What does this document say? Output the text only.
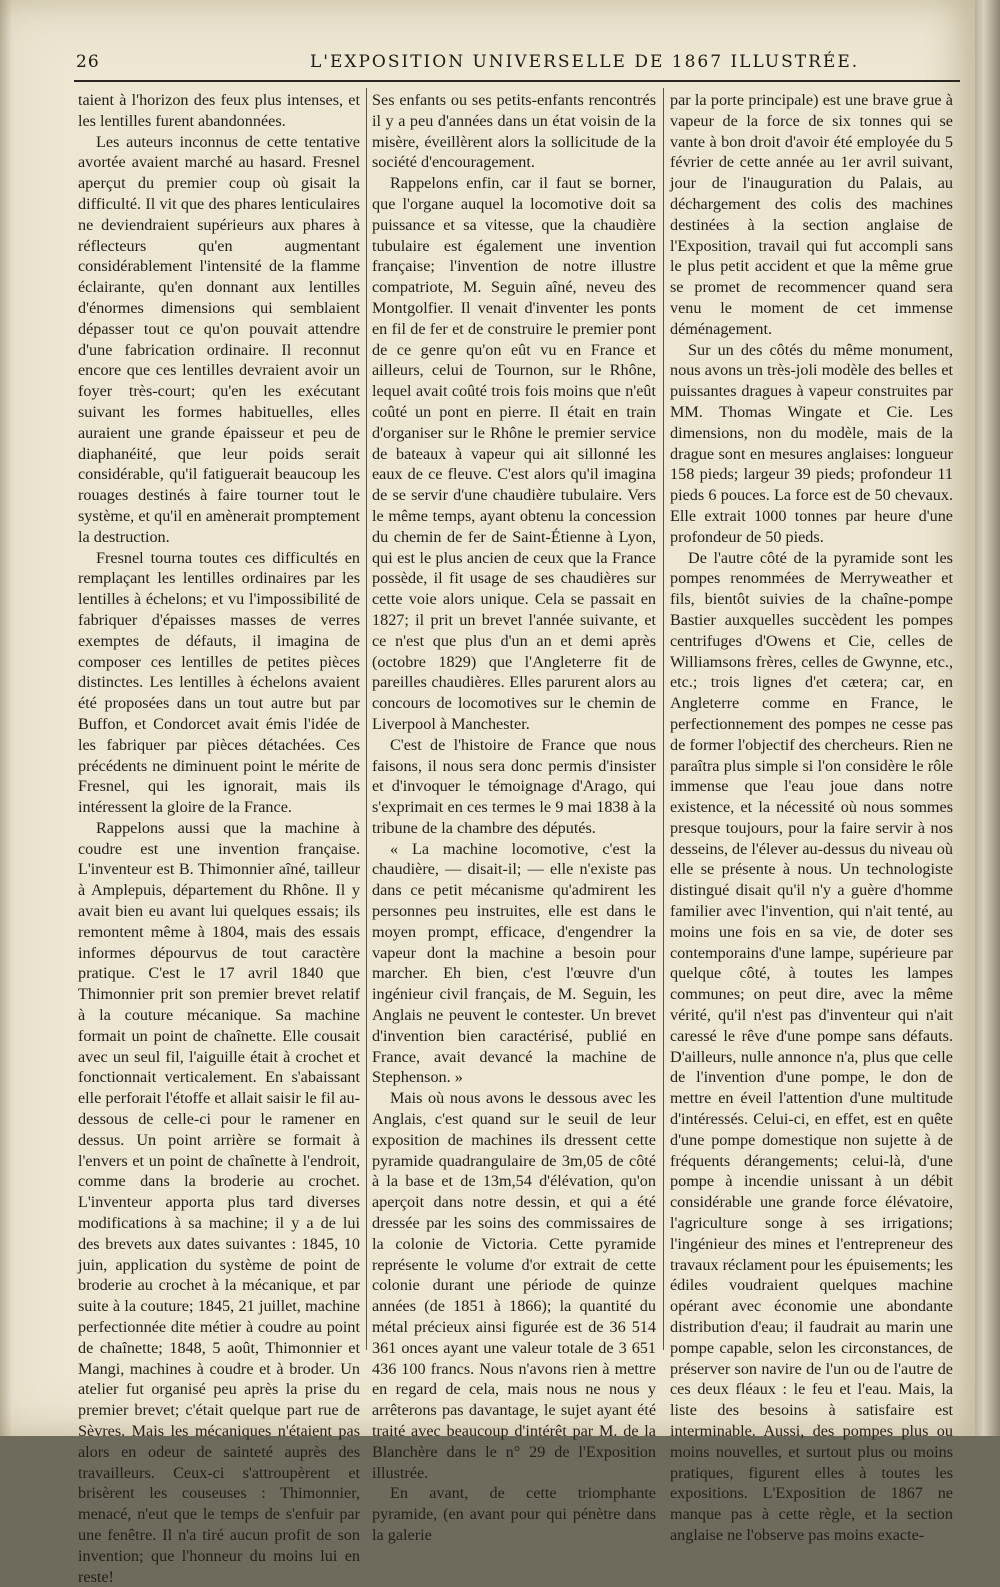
26	L'EXPOSITION UNIVERSELLE DE 1867 ILLUSTRÉE.

taient à l'horizon des feux plus intenses, et les lentilles furent abandonnées.

Les auteurs inconnus de cette tentative avortée avaient marché au hasard. Fresnel aperçut du premier coup où gisait la difficulté. Il vit que des phares lenticulaires ne deviendraient supérieurs aux phares à réflecteurs qu'en augmentant considérablement l'intensité de la flamme éclairante, qu'en donnant aux lentilles d'énormes dimensions qui semblaient dépasser tout ce qu'on pouvait attendre d'une fabrication ordinaire. Il reconnut encore que ces lentilles devraient avoir un foyer très-court; qu'en les exécutant suivant les formes habituelles, elles auraient une grande épaisseur et peu de diaphanéité, que leur poids serait considérable, qu'il fatiguerait beaucoup les rouages destinés à faire tourner tout le système, et qu'il en amènerait promptement la destruction.

Fresnel tourna toutes ces difficultés en remplaçant les lentilles ordinaires par les lentilles à échelons; et vu l'impossibilité de fabriquer d'épaisses masses de verres exemptes de défauts, il imagina de composer ces lentilles de petites pièces distinctes. Les lentilles à échelons avaient été proposées dans un tout autre but par Buffon, et Condorcet avait émis l'idée de les fabriquer par pièces détachées. Ces précédents ne diminuent point le mérite de Fresnel, qui les ignorait, mais ils intéressent la gloire de la France.

Rappelons aussi que la machine à coudre est une invention française. L'inventeur est B. Thimonnier aîné, tailleur à Amplepuis, département du Rhône. Il y avait bien eu avant lui quelques essais; ils remontent même à 1804, mais des essais informes dépourvus de tout caractère pratique. C'est le 17 avril 1840 que Thimonnier prit son premier brevet relatif à la couture mécanique. Sa machine formait un point de chaînette. Elle cousait avec un seul fil, l'aiguille était à crochet et fonctionnait verticalement. En s'abaissant elle perforait l'étoffe et allait saisir le fil au-dessous de celle-ci pour le ramener en dessus. Un point arrière se formait à l'envers et un point de chaînette à l'endroit, comme dans la broderie au crochet. L'inventeur apporta plus tard diverses modifications à sa machine; il y a de lui des brevets aux dates suivantes : 1845, 10 juin, application du système de point de broderie au crochet à la mécanique, et par suite à la couture; 1845, 21 juillet, machine perfectionnée dite métier à coudre au point de chaînette; 1848, 5 août, Thimonnier et Mangi, machines à coudre et à broder. Un atelier fut organisé peu après la prise du premier brevet; c'était quelque part rue de Sèvres. Mais les mécaniques n'étaient pas alors en odeur de sainteté auprès des travailleurs. Ceux-ci s'attroupèrent et brisèrent les couseuses : Thimonnier, menacé, n'eut que le temps de s'enfuir par une fenêtre. Il n'a tiré aucun profit de son invention; que l'honneur du moins lui en reste!

Ses enfants ou ses petits-enfants rencontrés il y a peu d'années dans un état voisin de la misère, éveillèrent alors la sollicitude de la société d'encouragement.

Rappelons enfin, car il faut se borner, que l'organe auquel la locomotive doit sa puissance et sa vitesse, que la chaudière tubulaire est également une invention française; l'invention de notre illustre compatriote, M. Seguin aîné, neveu des Montgolfier. Il venait d'inventer les ponts en fil de fer et de construire le premier pont de ce genre qu'on eût vu en France et ailleurs, celui de Tournon, sur le Rhône, lequel avait coûté trois fois moins que n'eût coûté un pont en pierre. Il était en train d'organiser sur le Rhône le premier service de bateaux à vapeur qui ait sillonné les eaux de ce fleuve. C'est alors qu'il imagina de se servir d'une chaudière tubulaire. Vers le même temps, ayant obtenu la concession du chemin de fer de Saint-Étienne à Lyon, qui est le plus ancien de ceux que la France possède, il fit usage de ses chaudières sur cette voie alors unique. Cela se passait en 1827; il prit un brevet l'année suivante, et ce n'est que plus d'un an et demi après (octobre 1829) que l'Angleterre fit de pareilles chaudières. Elles parurent alors au concours de locomotives sur le chemin de Liverpool à Manchester.

C'est de l'histoire de France que nous faisons, il nous sera donc permis d'insister et d'invoquer le témoignage d'Arago, qui s'exprimait en ces termes le 9 mai 1838 à la tribune de la chambre des députés.

« La machine locomotive, c'est la chaudière, — disait-il; — elle n'existe pas dans ce petit mécanisme qu'admirent les personnes peu instruites, elle est dans le moyen prompt, efficace, d'engendrer la vapeur dont la machine a besoin pour marcher. Eh bien, c'est l'œuvre d'un ingénieur civil français, de M. Seguin, les Anglais ne peuvent le contester. Un brevet d'invention bien caractérisé, publié en France, avait devancé la machine de Stephenson. »

Mais où nous avons le dessous avec les Anglais, c'est quand sur le seuil de leur exposition de machines ils dressent cette pyramide quadrangulaire de 3m,05 de côté à la base et de 13m,54 d'élévation, qu'on aperçoit dans notre dessin, et qui a été dressée par les soins des commissaires de la colonie de Victoria. Cette pyramide représente le volume d'or extrait de cette colonie durant une période de quinze années (de 1851 à 1866); la quantité du métal précieux ainsi figurée est de 36 514 361 onces ayant une valeur totale de 3 651 436 100 francs. Nous n'avons rien à mettre en regard de cela, mais nous ne nous y arrêterons pas davantage, le sujet ayant été traité avec beaucoup d'intérêt par M. de la Blanchère dans le n° 29 de l'Exposition illustrée.

En avant, de cette triomphante pyramide, (en avant pour qui pénètre dans la galerie

par la porte principale) est une brave grue à vapeur de la force de six tonnes qui se vante à bon droit d'avoir été employée du 5 février de cette année au 1er avril suivant, jour de l'inauguration du Palais, au déchargement des colis des machines destinées à la section anglaise de l'Exposition, travail qui fut accompli sans le plus petit accident et que la même grue se promet de recommencer quand sera venu le moment de cet immense déménagement.

Sur un des côtés du même monument, nous avons un très-joli modèle des belles et puissantes dragues à vapeur construites par MM. Thomas Wingate et Cie. Les dimensions, non du modèle, mais de la drague sont en mesures anglaises: longueur 158 pieds; largeur 39 pieds; profondeur 11 pieds 6 pouces. La force est de 50 chevaux. Elle extrait 1000 tonnes par heure d'une profondeur de 50 pieds.

De l'autre côté de la pyramide sont les pompes renommées de Merryweather et fils, bientôt suivies de la chaîne-pompe Bastier auxquelles succèdent les pompes centrifuges d'Owens et Cie, celles de Williamsons frères, celles de Gwynne, etc., etc.; trois lignes d'et cætera; car, en Angleterre comme en France, le perfectionnement des pompes ne cesse pas de former l'objectif des chercheurs. Rien ne paraîtra plus simple si l'on considère le rôle immense que l'eau joue dans notre existence, et la nécessité où nous sommes presque toujours, pour la faire servir à nos desseins, de l'élever au-dessus du niveau où elle se présente à nous. Un technologiste distingué disait qu'il n'y a guère d'homme familier avec l'invention, qui n'ait tenté, au moins une fois en sa vie, de doter ses contemporains d'une lampe, supérieure par quelque côté, à toutes les lampes communes; on peut dire, avec la même vérité, qu'il n'est pas d'inventeur qui n'ait caressé le rêve d'une pompe sans défauts. D'ailleurs, nulle annonce n'a, plus que celle de l'invention d'une pompe, le don de mettre en éveil l'attention d'une multitude d'intéressés. Celui-ci, en effet, est en quête d'une pompe domestique non sujette à de fréquents dérangements; celui-là, d'une pompe à incendie unissant à un débit considérable une grande force élévatoire, l'agriculture songe à ses irrigations; l'ingénieur des mines et l'entrepreneur des travaux réclament pour les épuisements; les édiles voudraient quelques machine opérant avec économie une abondante distribution d'eau; il faudrait au marin une pompe capable, selon les circonstances, de préserver son navire de l'un ou de l'autre de ces deux fléaux : le feu et l'eau. Mais, la liste des besoins à satisfaire est interminable. Aussi, des pompes plus ou moins nouvelles, et surtout plus ou moins pratiques, figurent elles à toutes les expositions. L'Exposition de 1867 ne manque pas à cette règle, et la section anglaise ne l'observe pas moins exacte-
